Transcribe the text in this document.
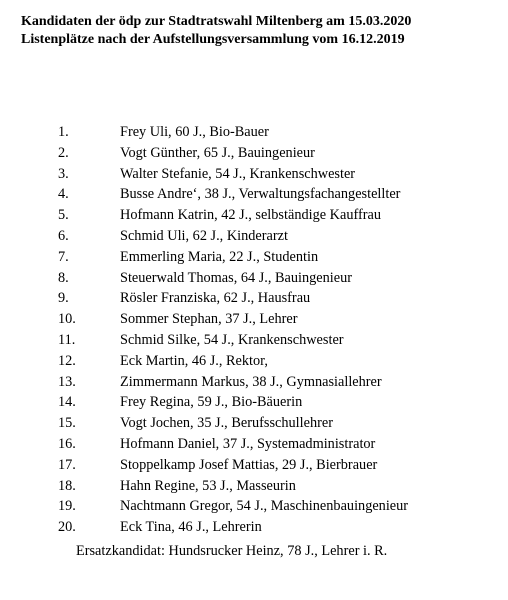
Kandidaten der ödp zur Stadtratswahl Miltenberg am 15.03.2020
Listenplätze nach der Aufstellungsversammlung vom 16.12.2019
1.	Frey Uli, 60 J., Bio-Bauer
2.	Vogt Günther, 65 J., Bauingenieur
3.	Walter Stefanie, 54 J., Krankenschwester
4.	Busse Andre‘, 38 J., Verwaltungsfachangestellter
5.	Hofmann Katrin, 42 J., selbständige Kauffrau
6.	Schmid Uli, 62 J., Kinderarzt
7.	Emmerling Maria, 22 J., Studentin
8.	Steuerwald Thomas, 64 J., Bauingenieur
9.	Rösler Franziska, 62 J., Hausfrau
10.	Sommer Stephan, 37 J., Lehrer
11.	Schmid Silke, 54 J., Krankenschwester
12.	Eck Martin, 46 J., Rektor,
13.	Zimmermann Markus, 38 J., Gymnasiallehrer
14.	Frey Regina, 59 J., Bio-Bäuerin
15.	Vogt Jochen, 35 J., Berufsschullehrer
16.	Hofmann Daniel, 37 J., Systemadministrator
17.	Stoppelkamp Josef Mattias, 29 J., Bierbrauer
18.	Hahn Regine, 53 J., Masseurin
19.	Nachtmann Gregor, 54 J., Maschinenbauingenieur
20.	Eck Tina, 46 J., Lehrerin
Ersatzkandidat: Hundsrucker Heinz, 78 J., Lehrer i. R.
